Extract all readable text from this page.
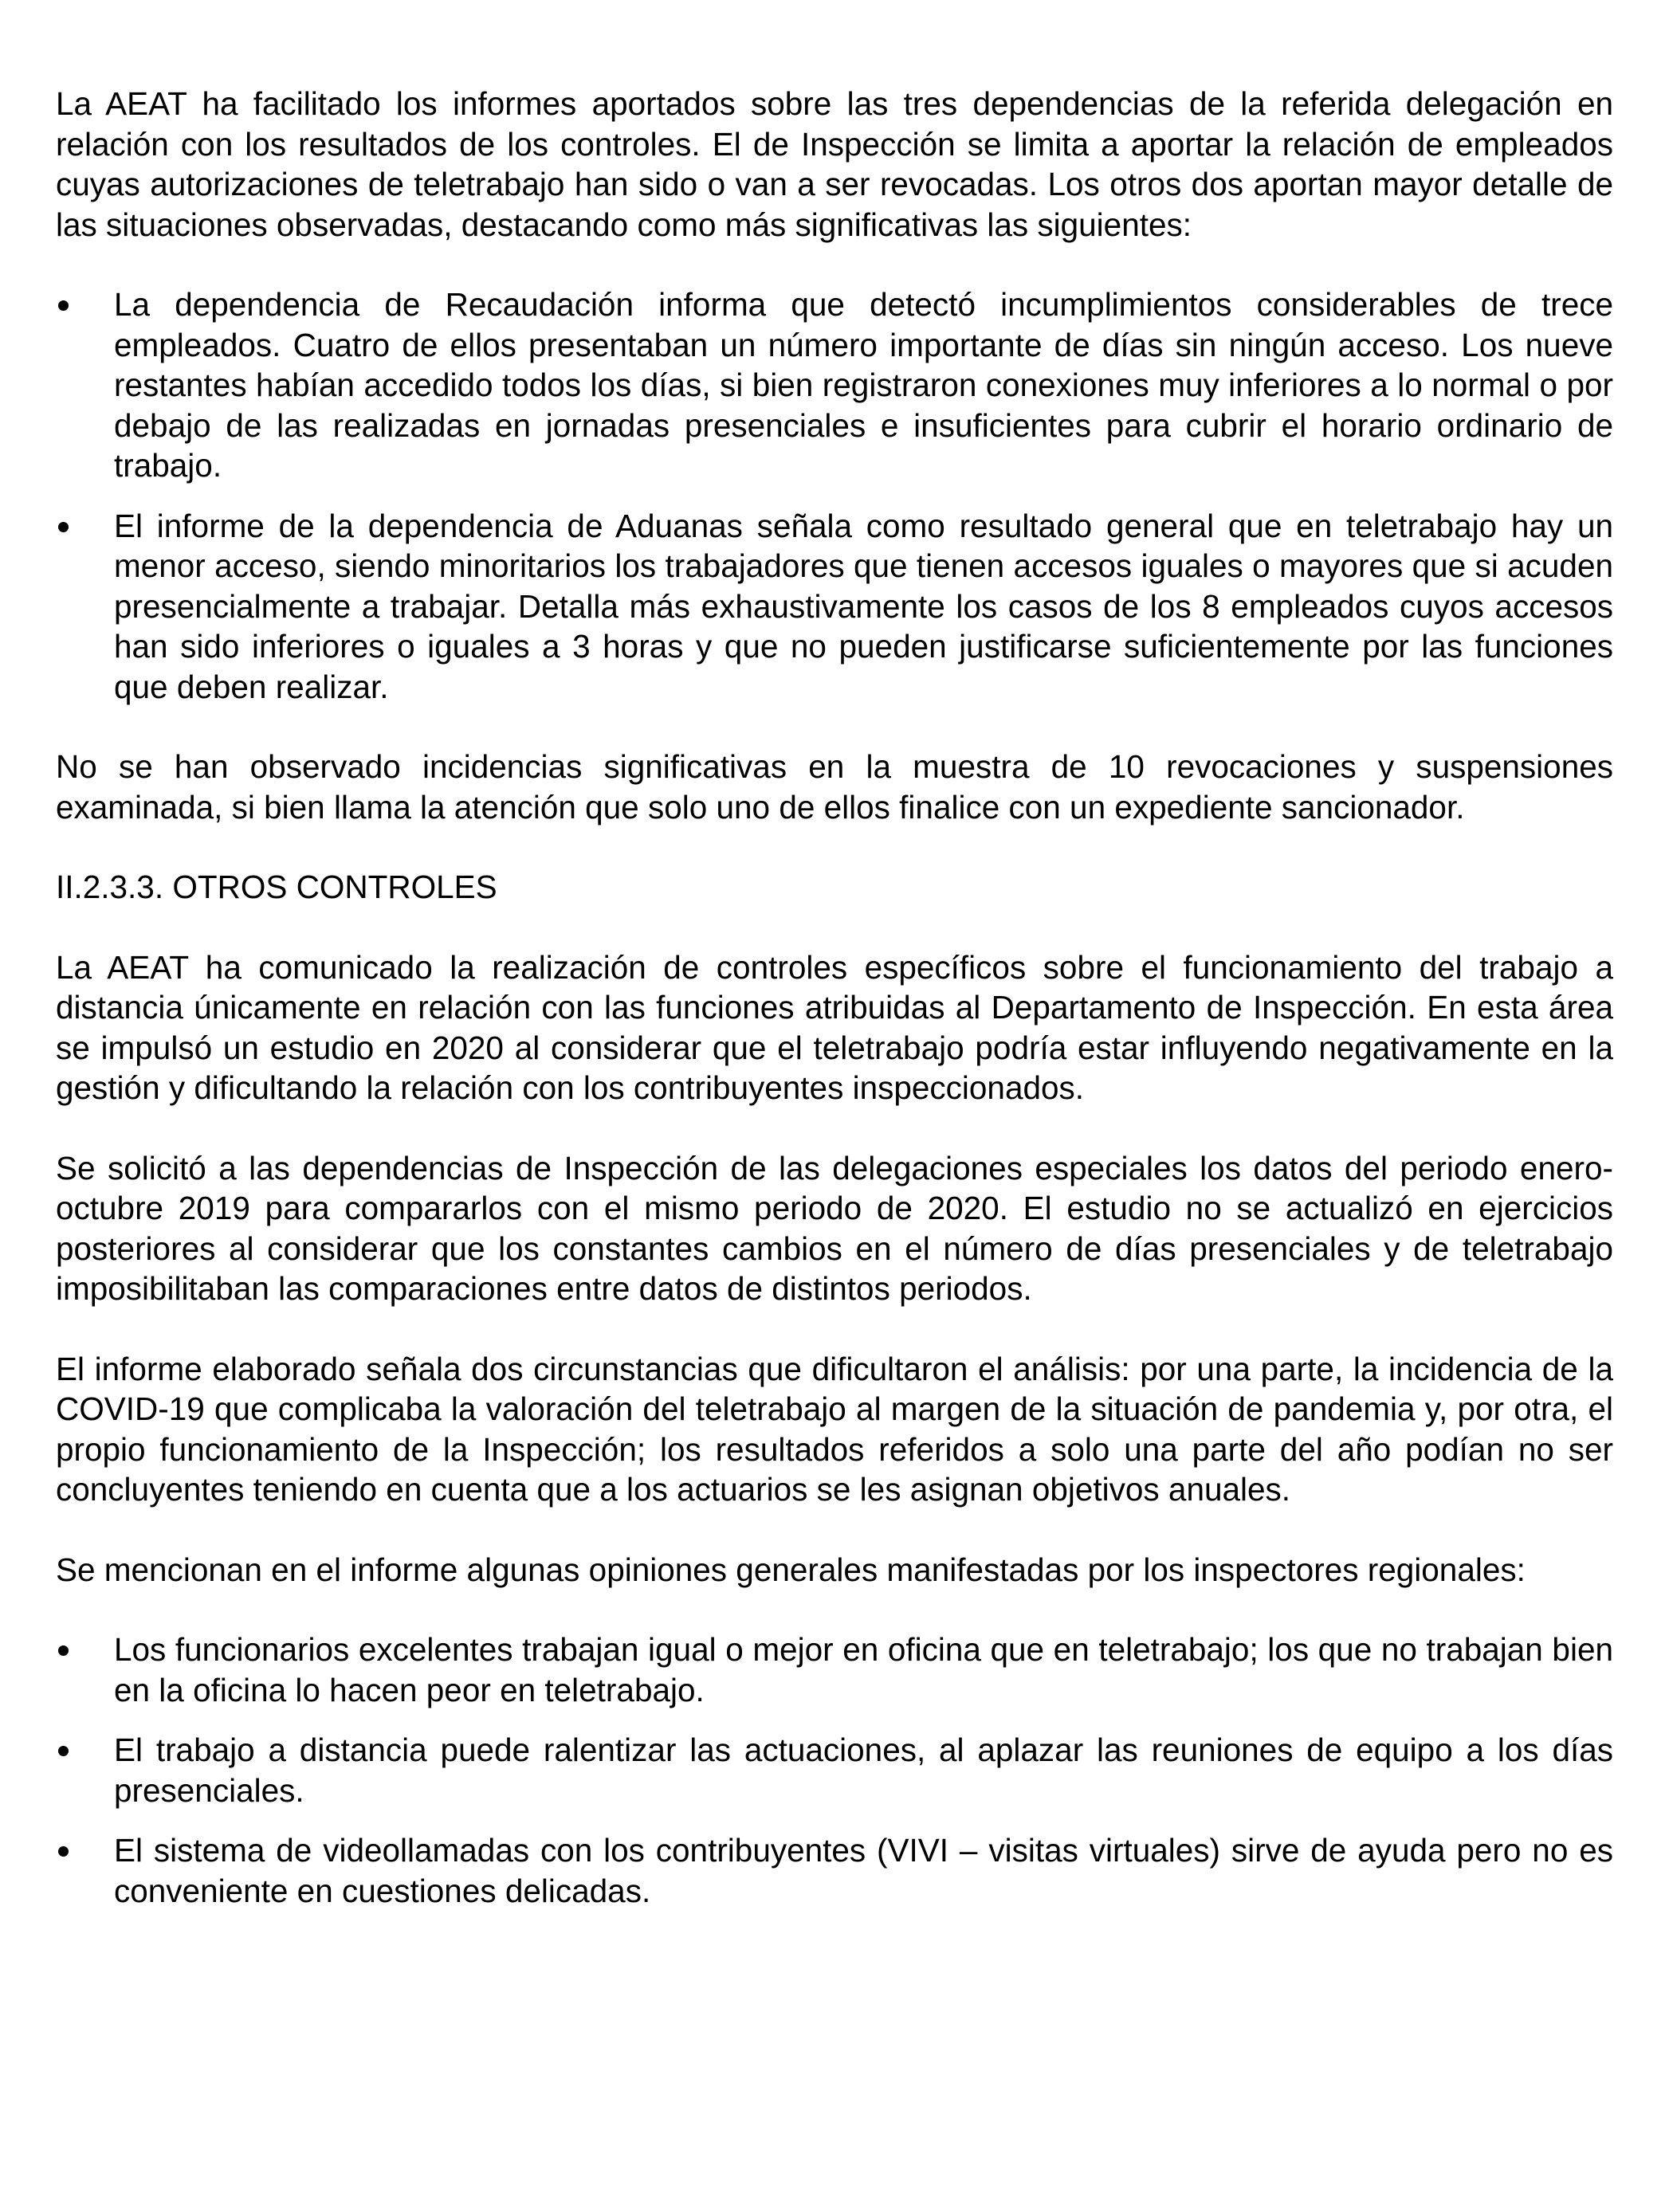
La AEAT ha facilitado los informes aportados sobre las tres dependencias de la referida delegación en relación con los resultados de los controles. El de Inspección se limita a aportar la relación de empleados cuyas autorizaciones de teletrabajo han sido o van a ser revocadas. Los otros dos aportan mayor detalle de las situaciones observadas, destacando como más significativas las siguientes:

La dependencia de Recaudación informa que detectó incumplimientos considerables de trece empleados. Cuatro de ellos presentaban un número importante de días sin ningún acceso. Los nueve restantes habían accedido todos los días, si bien registraron conexiones muy inferiores a lo normal o por debajo de las realizadas en jornadas presenciales e insuficientes para cubrir el horario ordinario de trabajo.
El informe de la dependencia de Aduanas señala como resultado general que en teletrabajo hay un menor acceso, siendo minoritarios los trabajadores que tienen accesos iguales o mayores que si acuden presencialmente a trabajar. Detalla más exhaustivamente los casos de los 8 empleados cuyos accesos han sido inferiores o iguales a 3 horas y que no pueden justificarse suficientemente por las funciones que deben realizar.

No se han observado incidencias significativas en la muestra de 10 revocaciones y suspensiones examinada, si bien llama la atención que solo uno de ellos finalice con un expediente sancionador.

II.2.3.3. OTROS CONTROLES

La AEAT ha comunicado la realización de controles específicos sobre el funcionamiento del trabajo a distancia únicamente en relación con las funciones atribuidas al Departamento de Inspección. En esta área se impulsó un estudio en 2020 al considerar que el teletrabajo podría estar influyendo negativamente en la gestión y dificultando la relación con los contribuyentes inspeccionados.

Se solicitó a las dependencias de Inspección de las delegaciones especiales los datos del periodo enero-octubre 2019 para compararlos con el mismo periodo de 2020. El estudio no se actualizó en ejercicios posteriores al considerar que los constantes cambios en el número de días presenciales y de teletrabajo imposibilitaban las comparaciones entre datos de distintos periodos.

El informe elaborado señala dos circunstancias que dificultaron el análisis: por una parte, la incidencia de la COVID-19 que complicaba la valoración del teletrabajo al margen de la situación de pandemia y, por otra, el propio funcionamiento de la Inspección; los resultados referidos a solo una parte del año podían no ser concluyentes teniendo en cuenta que a los actuarios se les asignan objetivos anuales.

Se mencionan en el informe algunas opiniones generales manifestadas por los inspectores regionales:

Los funcionarios excelentes trabajan igual o mejor en oficina que en teletrabajo; los que no trabajan bien en la oficina lo hacen peor en teletrabajo.
El trabajo a distancia puede ralentizar las actuaciones, al aplazar las reuniones de equipo a los días presenciales.
El sistema de videollamadas con los contribuyentes (VIVI – visitas virtuales) sirve de ayuda pero no es conveniente en cuestiones delicadas.
